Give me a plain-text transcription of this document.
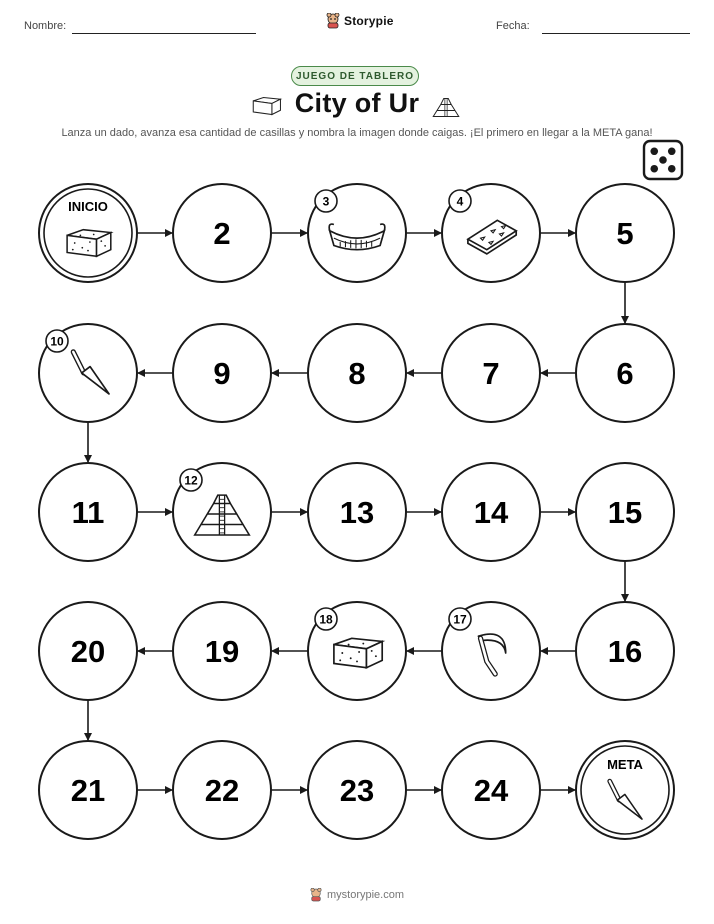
Nombre:	Storypie	Fecha:
JUEGO DE TABLERO
City of Ur
Lanza un dado, avanza esa cantidad de casillas y nombra la imagen donde caigas. ¡El primero en llegar a la META gana!
INICIO
2
3	4
5
6
7
8
9
10
11
12
13	14	15
16
17
18
19
20
21	22	23	24
META
mystorypie.com
